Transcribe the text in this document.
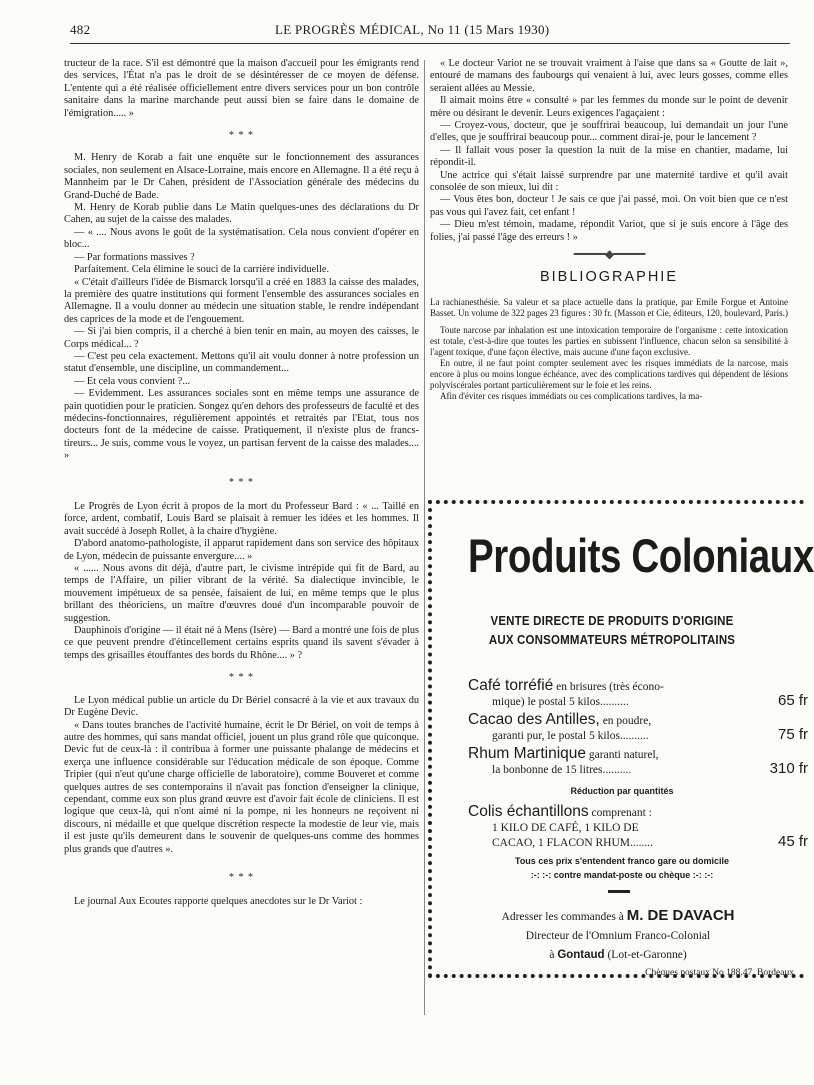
482	LE PROGRÈS MÉDICAL, No 11 (15 Mars 1930)

tructeur de la race. S'il est démontré que la maison d'accueil pour les émigrants rend des services, l'État n'a pas le droit de se désintéresser de ce moyen de défense. L'entente qui a été réalisée officiellement entre divers services pour un bon contrôle sanitaire dans la marine marchande peut aussi bien se faire dans le domaine de l'émigration..... »

* * *

M. Henry de Korab a fait une enquête sur le fonctionnement des assurances sociales, non seulement en Alsace-Lorraine, mais encore en Allemagne. Il a été reçu à Mannheim par le Dr Cahen, président de l'Association générale des médecins du Grand-Duché de Bade.

M. Henry de Korab publie dans Le Matin quelques-unes des déclarations du Dr Cahen, au sujet de la caisse des malades.

— « .... Nous avons le goût de la systématisation. Cela nous convient d'opérer en bloc...

— Par formations massives ?

Parfaitement. Cela élimine le souci de la carrière individuelle.

« C'était d'ailleurs l'idée de Bismarck lorsqu'il a créé en 1883 la caisse des malades, la première des quatre institutions qui forment l'ensemble des assurances sociales en Allemagne. Il a voulu donner au médecin une situation stable, le rendre indépendant des caprices de la mode et de l'engouement.

— Si j'ai bien compris, il a cherché à bien tenir en main, au moyen des caisses, le Corps médical... ?

— C'est peu cela exactement. Mettons qu'il ait voulu donner à notre profession un statut d'ensemble, une discipline, un commandement...

— Et cela vous convient ?...

— Evidemment. Les assurances sociales sont en même temps une assurance de pain quotidien pour le praticien. Songez qu'en dehors des professeurs de faculté et des médecins-fonctionnaires, régulièrement appointés et retraités par l'Etat, tous nos docteurs font de la médecine de caisse. Pratiquement, il n'existe plus de francs-tireurs... Je suis, comme vous le voyez, un partisan fervent de la caisse des malades.... »

* * *

Le Progrès de Lyon écrit à propos de la mort du Professeur Bard : « ... Taillé en force, ardent, combatif, Louis Bard se plaisait à remuer les idées et les hommes. Il avait succédé à Joseph Rollet, à la chaire d'hygiène.

D'abord anatomo-pathologiste, il apparut rapidement dans son service des hôpitaux de Lyon, médecin de puissante envergure.... »

« ...... Nous avons dit déjà, d'autre part, le civisme intrépide qui fit de Bard, au temps de l'Affaire, un pilier vibrant de la vérité. Sa dialectique invincible, le mouvement impétueux de sa pensée, faisaient de lui, en même temps que le plus brillant des théoriciens, un maître d'œuvres doué d'un incomparable pouvoir de suggestion.

Dauphinois d'origine — il était né à Mens (Isère) — Bard a montré une fois de plus ce que peuvent prendre d'étincellement certains esprits quand ils savent s'évader à temps des grisailles étouffantes des bords du Rhône.... » ?

* * *

Le Lyon médical publie un article du Dr Bériel consacré à la vie et aux travaux du Dr Eugène Devic.

« Dans toutes branches de l'activité humaine, écrit le Dr Bériel, on voit de temps à autre des hommes, qui sans mandat officiel, jouent un plus grand rôle que quiconque. Devic fut de ceux-là : il contribua à former une puissante phalange de médecins et exerça une influence considérable sur l'éducation médicale de son époque. Comme Tripier (qui n'eut qu'une charge officielle de laboratoire), comme Bouveret et comme quelques autres de ses contemporains il n'avait pas fonction d'enseigner la clinique, cependant, comme eux son plus grand œuvre est d'avoir fait école de cliniciens. Il est logique que ceux-là, qui n'ont aimé ni la pompe, ni les honneurs ne reçoivent ni discours, ni médaille et que quelque discrétion respecte la modestie de leur vie, mais il est juste qu'ils demeurent dans le souvenir de quelques-uns comme des hommes plus grands que d'autres ».

* * *

Le journal Aux Ecoutes rapporte quelques anecdotes sur le Dr Variot :

« Le docteur Variot ne se trouvait vraiment à l'aise que dans sa « Goutte de lait », entouré de mamans des faubourgs qui venaient à lui, avec leurs gosses, comme elles seraient allées au Messie.

Il aimait moins être « consulté » par les femmes du monde sur le point de devenir mère ou désirant le devenir. Leurs exigences l'agaçaient :

— Croyez-vous, docteur, que je souffrirai beaucoup, lui demandait un jour l'une d'elles, que je souffrirai beaucoup pour... comment dirai-je, pour le lancement ?

— Il fallait vous poser la question la nuit de la mise en chantier, madame, lui répondit-il.

Une actrice qui s'était laissé surprendre par une maternité tardive et qu'il avait consolée de son mieux, lui dit :

— Vous êtes bon, docteur ! Je sais ce que j'ai passé, moi. On voit bien que ce n'est pas vous qui l'avez fait, cet enfant !

— Dieu m'est témoin, madame, répondit Variot, que si je suis encore à l'âge des folies, j'ai passé l'âge des erreurs ! »

━━━━━◆━━━━━
BIBLIOGRAPHIE

La rachianesthésie. Sa valeur et sa place actuelle dans la pratique, par Emile Forgue et Antoine Basset. Un volume de 322 pages 23 figures : 30 fr. (Masson et Cie, éditeurs, 120, boulevard, Paris.)

Toute narcose par inhalation est une intoxication temporaire de l'organisme : cette intoxication est totale, c'est-à-dire que toutes les parties en subissent l'influence, chacun selon sa sensibilité à l'agent toxique, d'une façon élective, mais aucune d'une façon exclusive.

En outre, il ne faut point compter seulement avec les risques immédiats de la narcose, mais encore à plus ou moins longue échéance, avec des complications tardives qui dépendent de lésions polyviscérales portant particulièrement sur le foie et les reins.

Afin d'éviter ces risques immédiats ou ces complications tardives, la ma-

Produits Coloniaux
VENTE DIRECTE DE PRODUITS D'ORIGINE
AUX CONSOMMATEURS MÉTROPOLITAINS
Café torréfié en brisures (très écono-
mique) le postal 5 kilos..........	65 fr
Cacao des Antilles, en poudre,
garanti pur, le postal 5 kilos..........	75 fr
Rhum Martinique garanti naturel,
la bonbonne de 15 litres..........	310 fr
Réduction par quantités
Colis échantillons comprenant :
1 KILO DE CAFÉ, 1 KILO DE
CACAO, 1 FLACON RHUM........	45 fr
Tous ces prix s'entendent franco gare ou domicile
:-: :-: contre mandat-poste ou chèque :-: :-:
Adresser les commandes à M. DE DAVACH
Directeur de l'Omnium Franco-Colonial
à Gontaud (Lot-et-Garonne)
Chèques postaux No 188.47, Bordeaux
